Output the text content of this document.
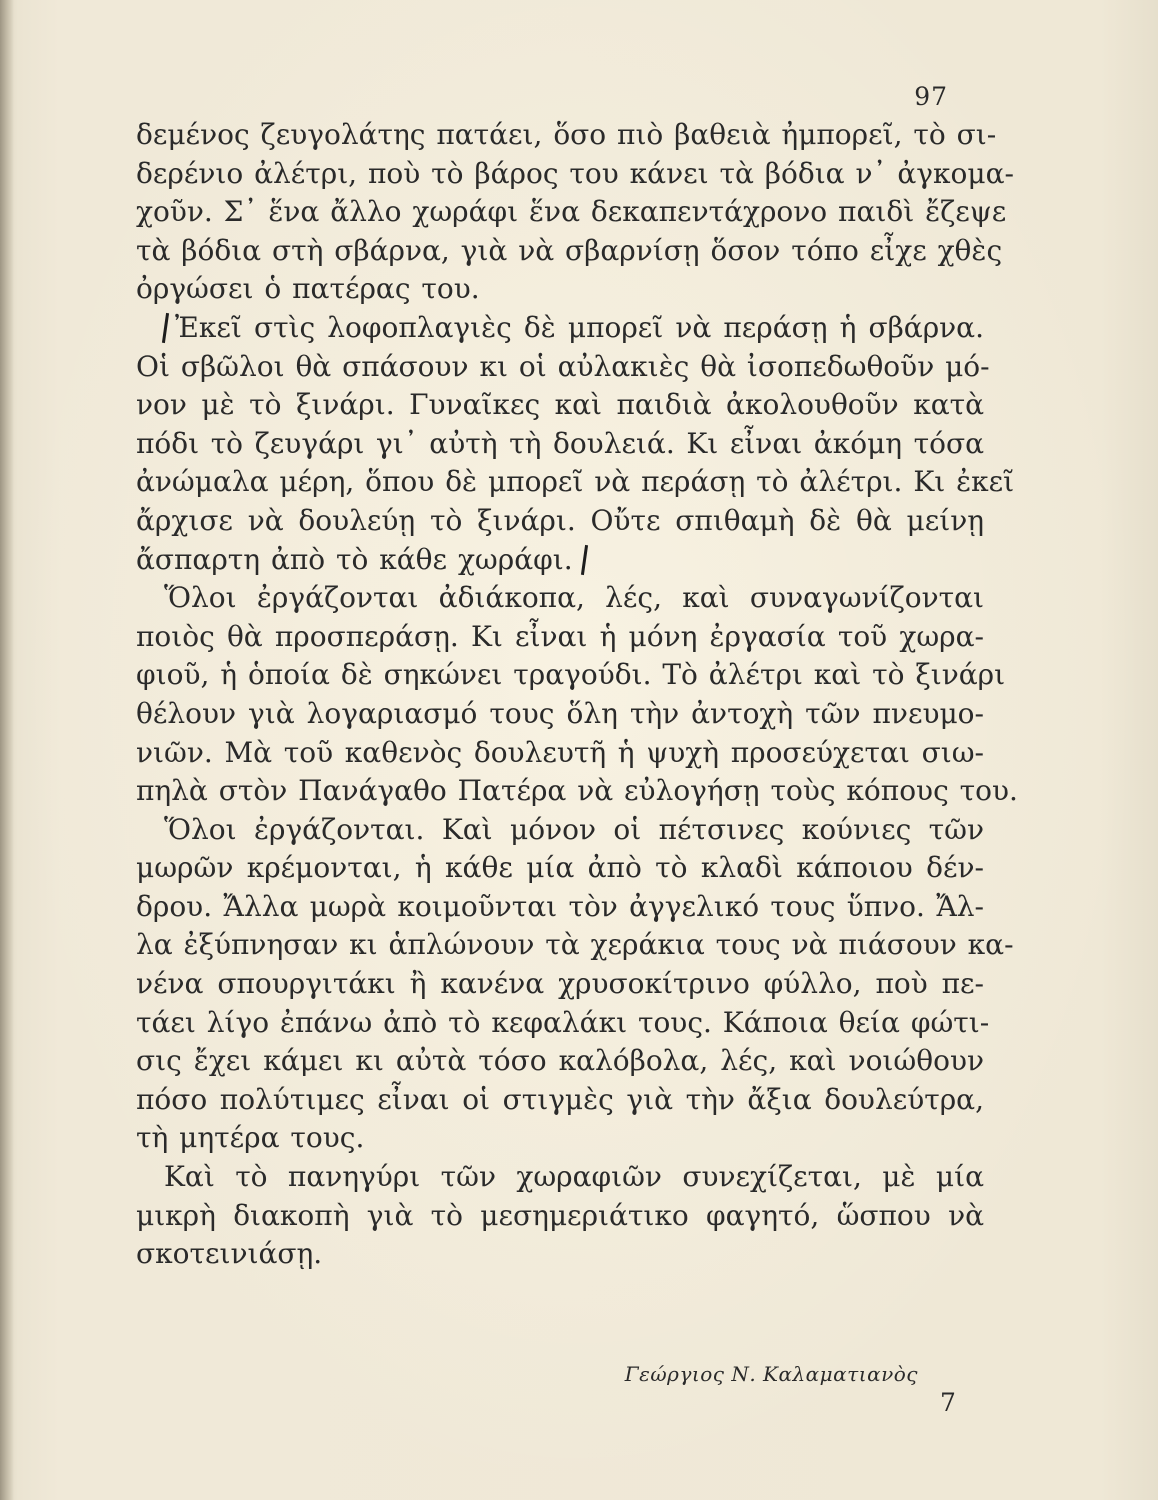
97

δεμένος ζευγολάτης πατάει, ὅσο πιὸ βαθειὰ ἠμπορεῖ, τὸ σι-
δερένιο ἀλέτρι, ποὺ τὸ βάρος του κάνει τὰ βόδια ν᾽ ἀγκομα-
χοῦν. Σ᾽ ἕνα ἄλλο χωράφι ἕνα δεκαπεντάχρονο παιδὶ ἔζεψε
τὰ βόδια στὴ σβάρνα, γιὰ νὰ σβαρνίσῃ ὅσον τόπο εἶχε χθὲς
ὀργώσει ὁ πατέρας του.

Ἐκεῖ στὶς λοφοπλαγιὲς δὲ μπορεῖ νὰ περάσῃ ἡ σβάρνα.
Οἱ σβῶλοι θὰ σπάσουν κι οἱ αὐλακιὲς θὰ ἰσοπεδωθοῦν μό-
νον μὲ τὸ ξινάρι. Γυναῖκες καὶ παιδιὰ ἀκολουθοῦν κατὰ
πόδι τὸ ζευγάρι γι᾽ αὐτὴ τὴ δουλειά. Κι εἶναι ἀκόμη τόσα
ἀνώμαλα μέρη, ὅπου δὲ μπορεῖ νὰ περάσῃ τὸ ἀλέτρι. Κι ἐκεῖ
ἄρχισε νὰ δουλεύῃ τὸ ξινάρι. Οὔτε σπιθαμὴ δὲ θὰ μείνῃ
ἄσπαρτη ἀπὸ τὸ κάθε χωράφι.

Ὅλοι ἐργάζονται ἀδιάκοπα, λές, καὶ συναγωνίζονται
ποιὸς θὰ προσπεράσῃ. Κι εἶναι ἡ μόνη ἐργασία τοῦ χωρα-
φιοῦ, ἡ ὁποία δὲ σηκώνει τραγούδι. Τὸ ἀλέτρι καὶ τὸ ξινάρι
θέλουν γιὰ λογαριασμό τους ὅλη τὴν ἀντοχὴ τῶν πνευμο-
νιῶν. Μὰ τοῦ καθενὸς δουλευτῆ ἡ ψυχὴ προσεύχεται σιω-
πηλὰ στὸν Πανάγαθο Πατέρα νὰ εὐλογήσῃ τοὺς κόπους του.

Ὅλοι ἐργάζονται. Καὶ μόνον οἱ πέτσινες κούνιες τῶν
μωρῶν κρέμονται, ἡ κάθε μία ἀπὸ τὸ κλαδὶ κάποιου δέν-
δρου. Ἄλλα μωρὰ κοιμοῦνται τὸν ἀγγελικό τους ὕπνο. Ἄλ-
λα ἐξύπνησαν κι ἁπλώνουν τὰ χεράκια τους νὰ πιάσουν κα-
νένα σπουργιτάκι ἢ κανένα χρυσοκίτρινο φύλλο, ποὺ πε-
τάει λίγο ἐπάνω ἀπὸ τὸ κεφαλάκι τους. Κάποια θεία φώτι-
σις ἔχει κάμει κι αὐτὰ τόσο καλόβολα, λές, καὶ νοιώθουν
πόσο πολύτιμες εἶναι οἱ στιγμὲς γιὰ τὴν ἄξια δουλεύτρα,
τὴ μητέρα τους.

Καὶ τὸ πανηγύρι τῶν χωραφιῶν συνεχίζεται, μὲ μία
μικρὴ διακοπὴ γιὰ τὸ μεσημεριάτικο φαγητό, ὥσπου νὰ
σκοτεινιάσῃ.

Γεώργιος Ν. Καλαματιανὸς
7
